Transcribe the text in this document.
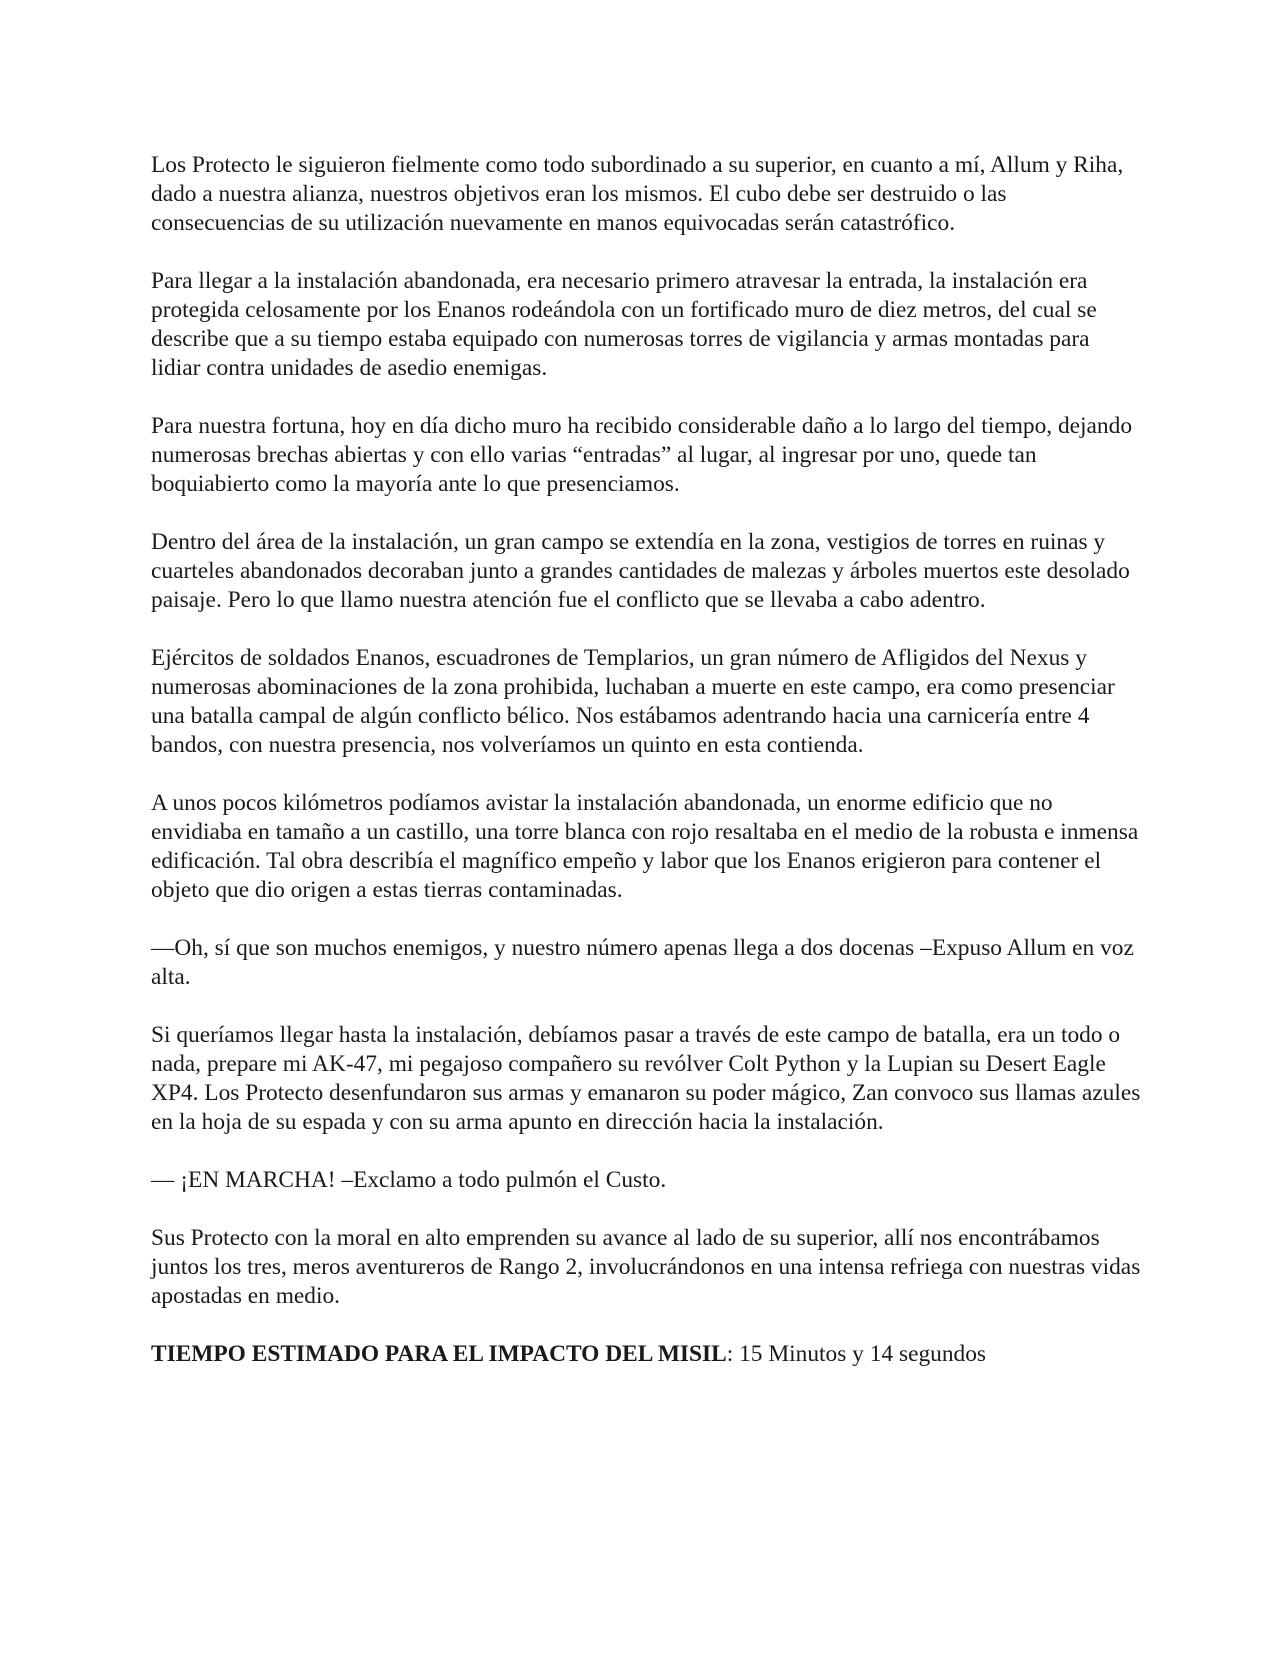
Los Protecto le siguieron fielmente como todo subordinado a su superior, en cuanto a mí, Allum y Riha, dado a nuestra alianza, nuestros objetivos eran los mismos. El cubo debe ser destruido o las consecuencias de su utilización nuevamente en manos equivocadas serán catastrófico.

Para llegar a la instalación abandonada, era necesario primero atravesar la entrada, la instalación era protegida celosamente por los Enanos rodeándola con un fortificado muro de diez metros, del cual se describe que a su tiempo estaba equipado con numerosas torres de vigilancia y armas montadas para lidiar contra unidades de asedio enemigas.

Para nuestra fortuna, hoy en día dicho muro ha recibido considerable daño a lo largo del tiempo, dejando numerosas brechas abiertas y con ello varias “entradas” al lugar, al ingresar por uno, quede tan boquiabierto como la mayoría ante lo que presenciamos.

Dentro del área de la instalación, un gran campo se extendía en la zona, vestigios de torres en ruinas y cuarteles abandonados decoraban junto a grandes cantidades de malezas y árboles muertos este desolado paisaje. Pero lo que llamo nuestra atención fue el conflicto que se llevaba a cabo adentro.

Ejércitos de soldados Enanos, escuadrones de Templarios, un gran número de Afligidos del Nexus y numerosas abominaciones de la zona prohibida, luchaban a muerte en este campo, era como presenciar una batalla campal de algún conflicto bélico. Nos estábamos adentrando hacia una carnicería entre 4 bandos, con nuestra presencia, nos volveríamos un quinto en esta contienda.

A unos pocos kilómetros podíamos avistar la instalación abandonada, un enorme edificio que no envidiaba en tamaño a un castillo, una torre blanca con rojo resaltaba en el medio de la robusta e inmensa edificación. Tal obra describía el magnífico empeño y labor que los Enanos erigieron para contener el objeto que dio origen a estas tierras contaminadas.

—Oh, sí que son muchos enemigos, y nuestro número apenas llega a dos docenas –Expuso Allum en voz alta.

Si queríamos llegar hasta la instalación, debíamos pasar a través de este campo de batalla, era un todo o nada, prepare mi AK-47, mi pegajoso compañero su revólver Colt Python y la Lupian su Desert Eagle XP4. Los Protecto desenfundaron sus armas y emanaron su poder mágico, Zan convoco sus llamas azules en la hoja de su espada y con su arma apunto en dirección hacia la instalación.

— ¡EN MARCHA! –Exclamo a todo pulmón el Custo.

Sus Protecto con la moral en alto emprenden su avance al lado de su superior, allí nos encontrábamos juntos los tres, meros aventureros de Rango 2, involucrándonos en una intensa refriega con nuestras vidas apostadas en medio.

TIEMPO ESTIMADO PARA EL IMPACTO DEL MISIL: 15 Minutos y 14 segundos
